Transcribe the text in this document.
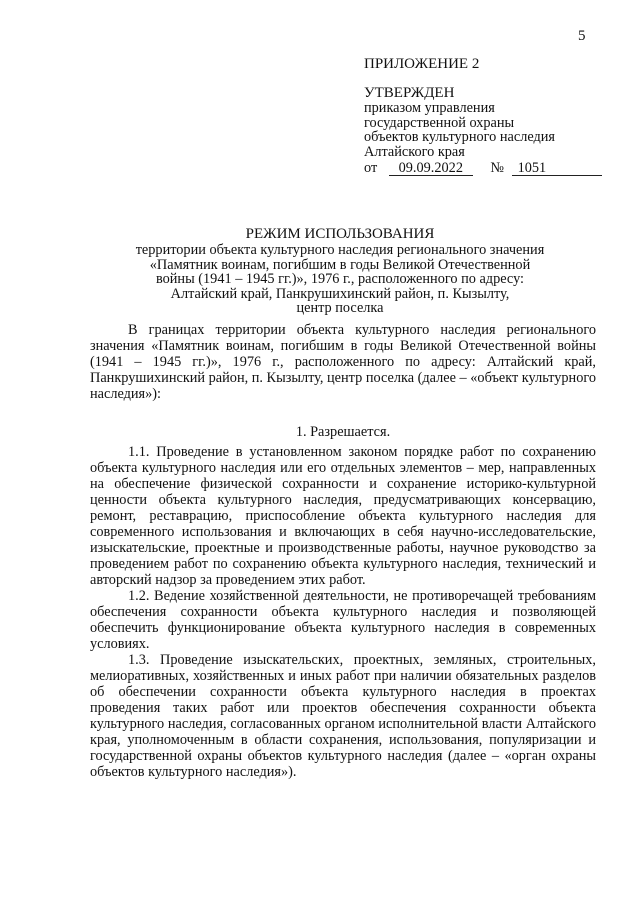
5
ПРИЛОЖЕНИЕ 2
УТВЕРЖДЕН
приказом управления
государственной охраны
объектов культурного наследия
Алтайского края
от 09.09.2022 № 1051
РЕЖИМ ИСПОЛЬЗОВАНИЯ
территории объекта культурного наследия регионального значения
«Памятник воинам, погибшим в годы Великой Отечественной
войны (1941 – 1945 гг.)», 1976 г., расположенного по адресу:
Алтайский край, Панкрушихинский район, п. Кызылту,
центр поселка

В границах территории объекта культурного наследия регионального значения «Памятник воинам, погибшим в годы Великой Отечественной войны (1941 – 1945 гг.)», 1976 г., расположенного по адресу: Алтайский край, Панкрушихинский район, п. Кызылту, центр поселка (далее – «объект культурного наследия»):

1. Разрешается.

1.1. Проведение в установленном законом порядке работ по сохранению объекта культурного наследия или его отдельных элементов – мер, направленных на обеспечение физической сохранности и сохранение историко-культурной ценности объекта культурного наследия, предусматривающих консервацию, ремонт, реставрацию, приспособление объекта культурного наследия для современного использования и включающих в себя научно-исследовательские, изыскательские, проектные и производственные работы, научное руководство за проведением работ по сохранению объекта культурного наследия, технический и авторский надзор за проведением этих работ.

1.2. Ведение хозяйственной деятельности, не противоречащей требованиям обеспечения сохранности объекта культурного наследия и позволяющей обеспечить функционирование объекта культурного наследия в современных условиях.

1.3. Проведение изыскательских, проектных, земляных, строительных, мелиоративных, хозяйственных и иных работ при наличии обязательных разделов об обеспечении сохранности объекта культурного наследия в проектах проведения таких работ или проектов обеспечения сохранности объекта культурного наследия, согласованных органом исполнительной власти Алтайского края, уполномоченным в области сохранения, использования, популяризации и государственной охраны объектов культурного наследия (далее – «орган охраны объектов культурного наследия»).
